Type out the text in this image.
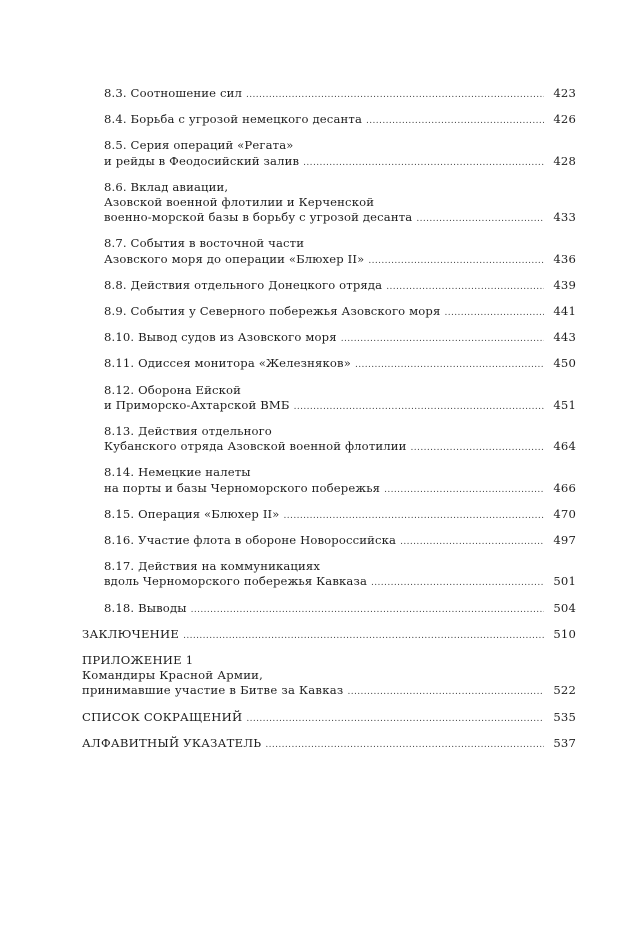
8.3. Соотношение сил .....	423
8.4. Борьба с угрозой немецкого десанта .....	426
8.5. Серия операций «Регата»
и рейды в Феодосийский залив .....	428
8.6. Вклад авиации,
Азовской военной флотилии и Керченской
военно-морской базы в борьбу с угрозой десанта .....	433
8.7. События в восточной части
Азовского моря до операции «Блюхер II» .....	436
8.8. Действия отдельного Донецкого отряда .....	439
8.9. События у Северного побережья Азовского моря .....	441
8.10. Вывод судов из Азовского моря .....	443
8.11. Одиссея монитора «Железняков» .....	450
8.12. Оборона Ейской
и Приморско-Ахтарской ВМБ .....	451
8.13. Действия отдельного
Кубанского отряда Азовской военной флотилии .....	464
8.14. Немецкие налеты
на порты и базы Черноморского побережья .....	466
8.15. Операция «Блюхер II» .....	470
8.16. Участие флота в обороне Новороссийска .....	497
8.17. Действия на коммуникациях
вдоль Черноморского побережья Кавказа .....	501
8.18. Выводы .....	504
ЗАКЛЮЧЕНИЕ .....	510
ПРИЛОЖЕНИЕ 1
Командиры Красной Армии,
принимавшие участие в Битве за Кавказ .....	522
СПИСОК СОКРАЩЕНИЙ .....	535
АЛФАВИТНЫЙ УКАЗАТЕЛЬ .....	537
